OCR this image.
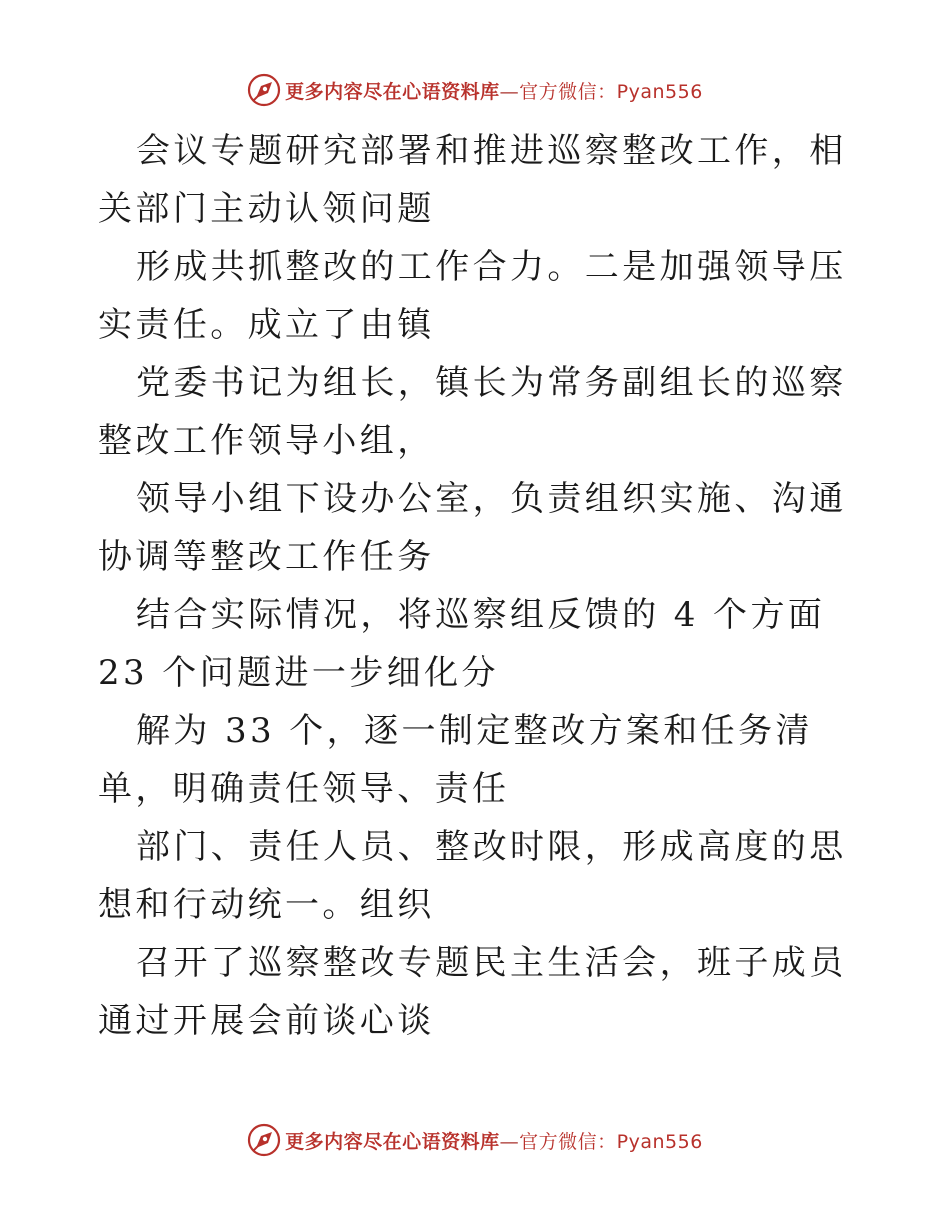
更多内容尽在心语资料库—官方微信：Pyan556

会议专题研究部署和推进巡察整改工作，相关部门主动认领问题

形成共抓整改的工作合力。二是加强领导压实责任。成立了由镇

党委书记为组长，镇长为常务副组长的巡察整改工作领导小组，

领导小组下设办公室，负责组织实施、沟通协调等整改工作任务

结合实际情况，将巡察组反馈的 4 个方面 23 个问题进一步细化分

解为 33 个，逐一制定整改方案和任务清单，明确责任领导、责任

部门、责任人员、整改时限，形成高度的思想和行动统一。组织

召开了巡察整改专题民主生活会，班子成员通过开展会前谈心谈

更多内容尽在心语资料库—官方微信：Pyan556
